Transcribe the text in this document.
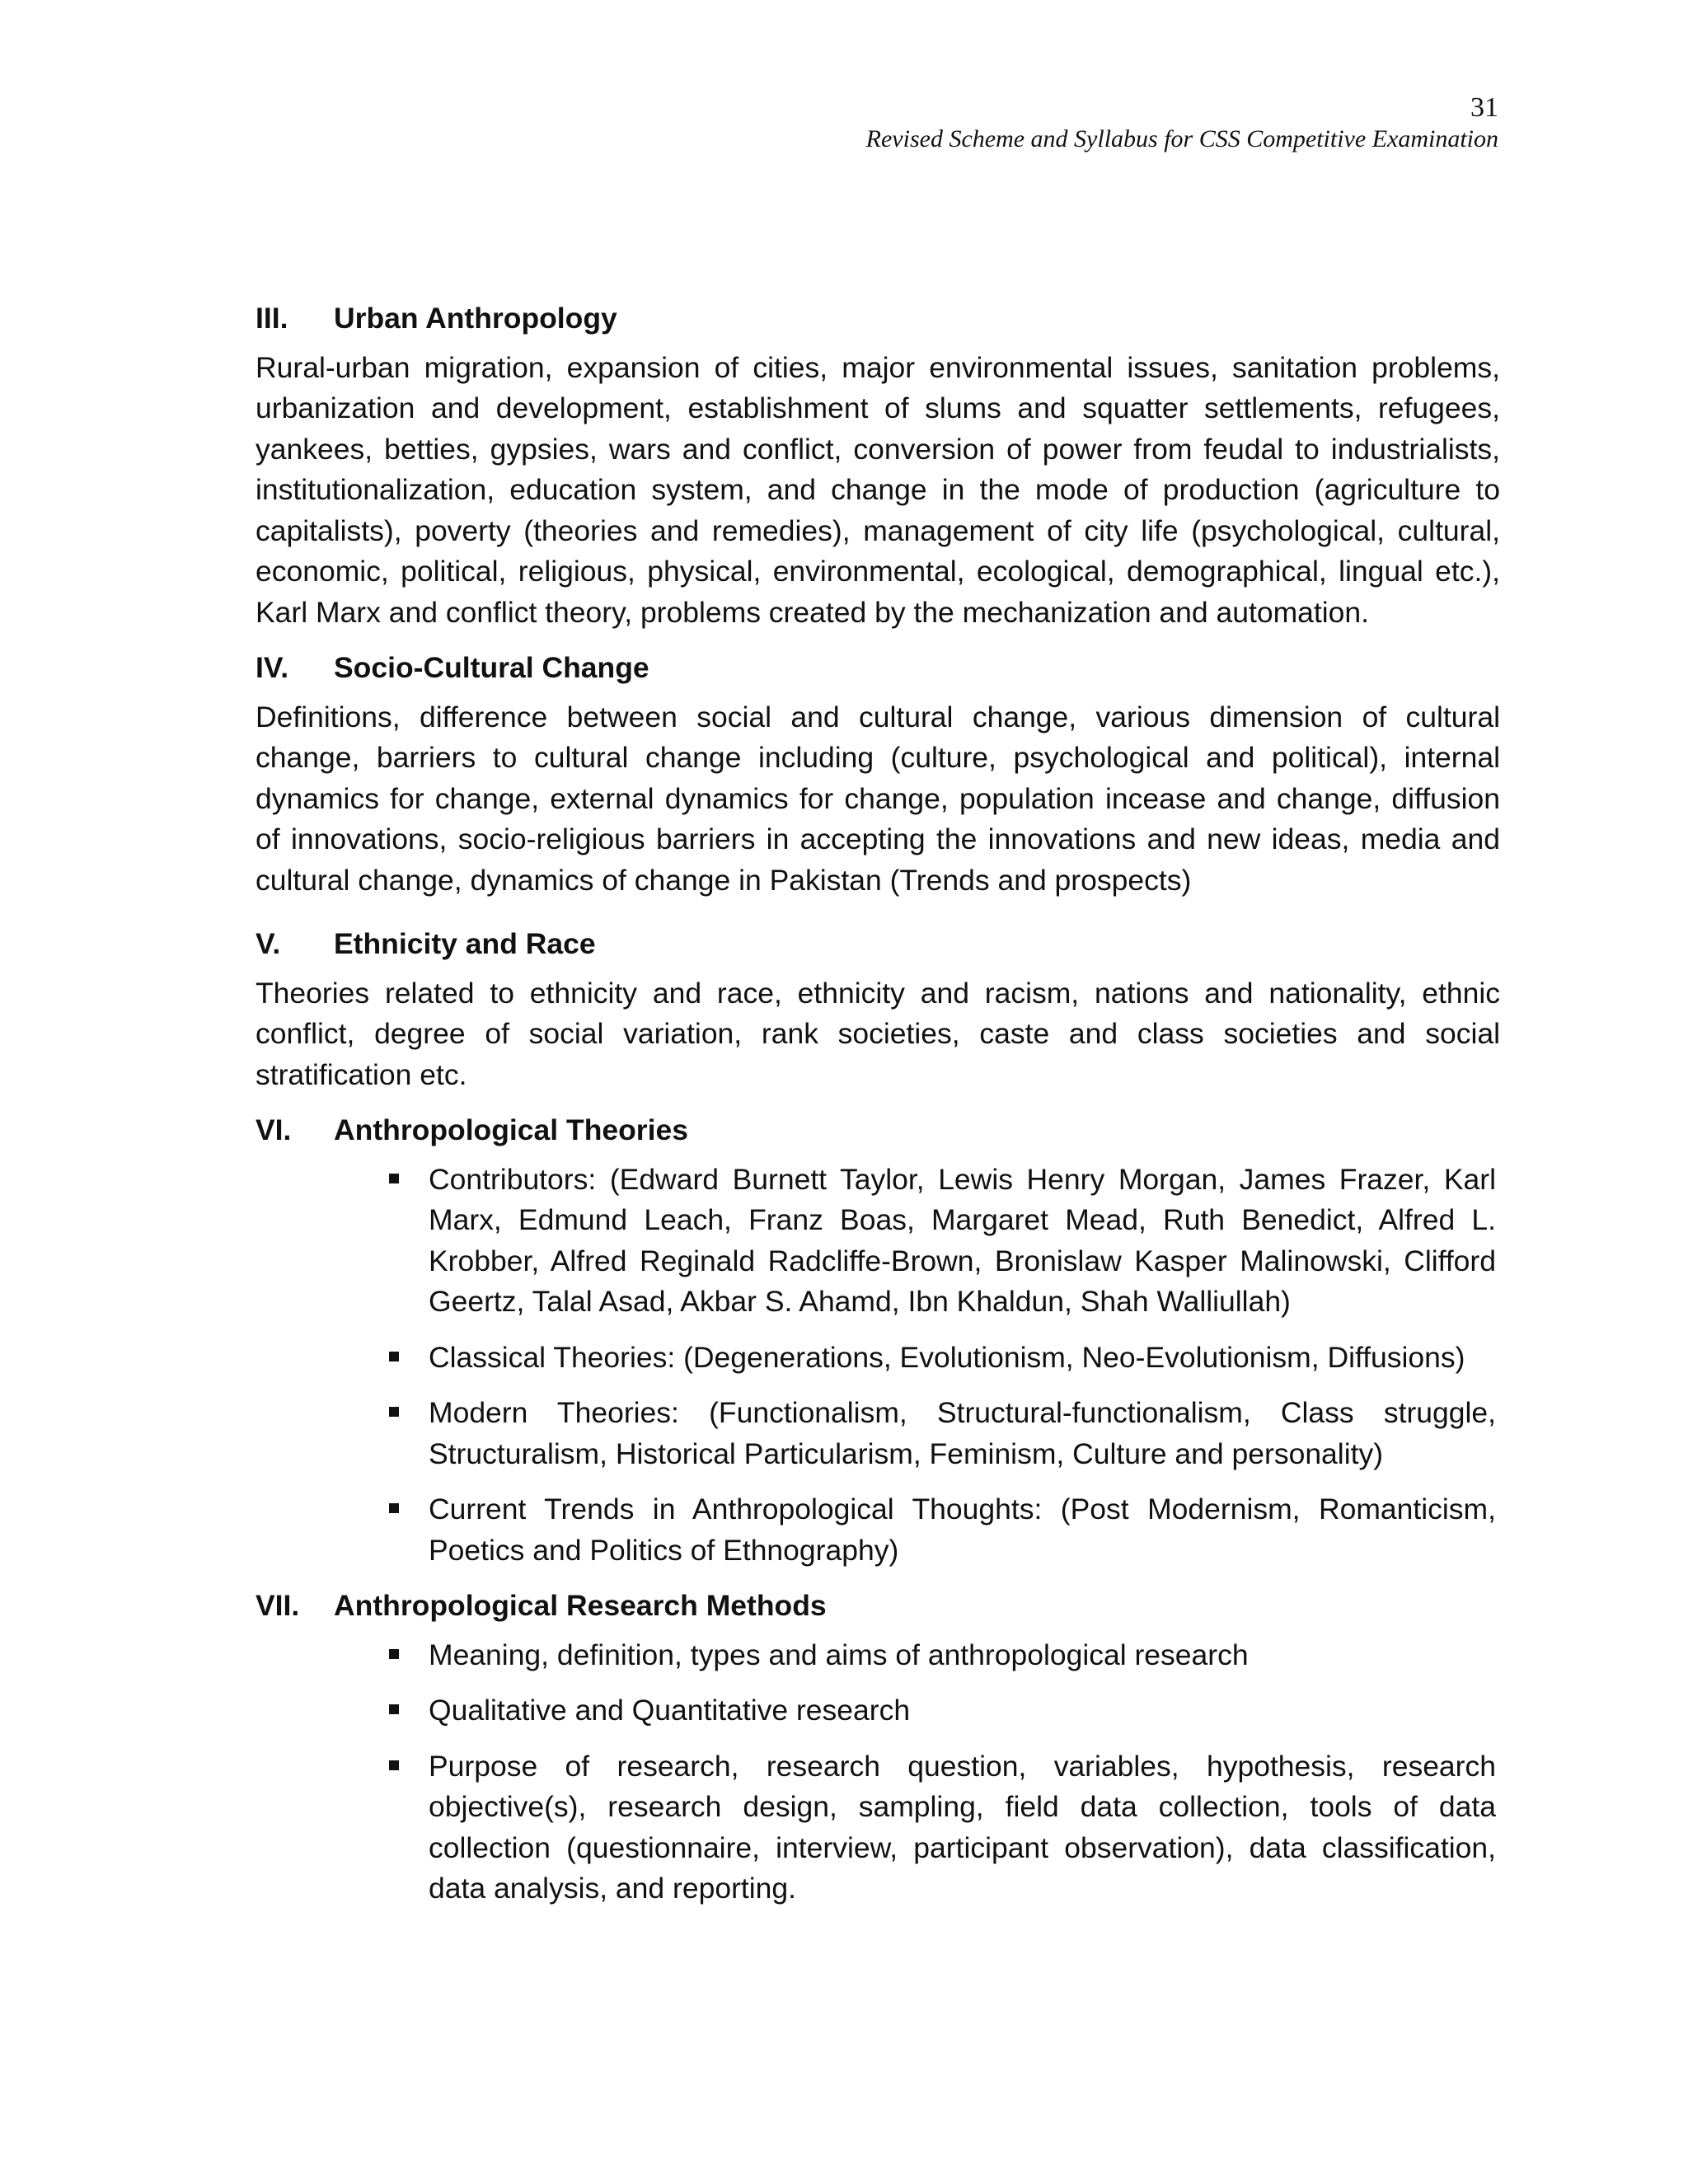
31
Revised Scheme and Syllabus for CSS Competitive Examination
III.	Urban Anthropology

Rural-urban migration, expansion of cities, major environmental issues, sanitation problems, urbanization and development, establishment of slums and squatter settlements, refugees, yankees, betties, gypsies, wars and conflict, conversion of power from feudal to industrialists, institutionalization, education system, and change in the mode of production (agriculture to capitalists), poverty (theories and remedies), management of city life (psychological, cultural, economic, political, religious, physical, environmental, ecological, demographical, lingual etc.), Karl Marx and conflict theory, problems created by the mechanization and automation.

IV.	Socio-Cultural Change

Definitions, difference between social and cultural change, various dimension of cultural change, barriers to cultural change including (culture, psychological and political), internal dynamics for change, external dynamics for change, population incease and change, diffusion of innovations, socio-religious barriers in accepting the innovations and new ideas, media and cultural change, dynamics of change in Pakistan (Trends and prospects)

V.	Ethnicity and Race

Theories related to ethnicity and race, ethnicity and racism, nations and nationality, ethnic conflict, degree of social variation, rank societies, caste and class societies and social stratification etc.

VI.	Anthropological Theories
Contributors: (Edward Burnett Taylor, Lewis Henry Morgan, James Frazer, Karl Marx, Edmund Leach, Franz Boas, Margaret Mead, Ruth Benedict, Alfred L. Krobber, Alfred Reginald Radcliffe-Brown, Bronislaw Kasper Malinowski, Clifford Geertz, Talal Asad, Akbar S. Ahamd, Ibn Khaldun, Shah Walliullah)
Classical Theories: (Degenerations, Evolutionism, Neo-Evolutionism, Diffusions)
Modern Theories: (Functionalism, Structural-functionalism, Class struggle, Structuralism, Historical Particularism, Feminism, Culture and personality)
Current Trends in Anthropological Thoughts: (Post Modernism, Romanticism, Poetics and Politics of Ethnography)
VII.	Anthropological Research Methods
Meaning, definition, types and aims of anthropological research
Qualitative and Quantitative research
Purpose of research, research question, variables, hypothesis, research objective(s), research design, sampling, field data collection, tools of data collection (questionnaire, interview, participant observation), data classification, data analysis, and reporting.
